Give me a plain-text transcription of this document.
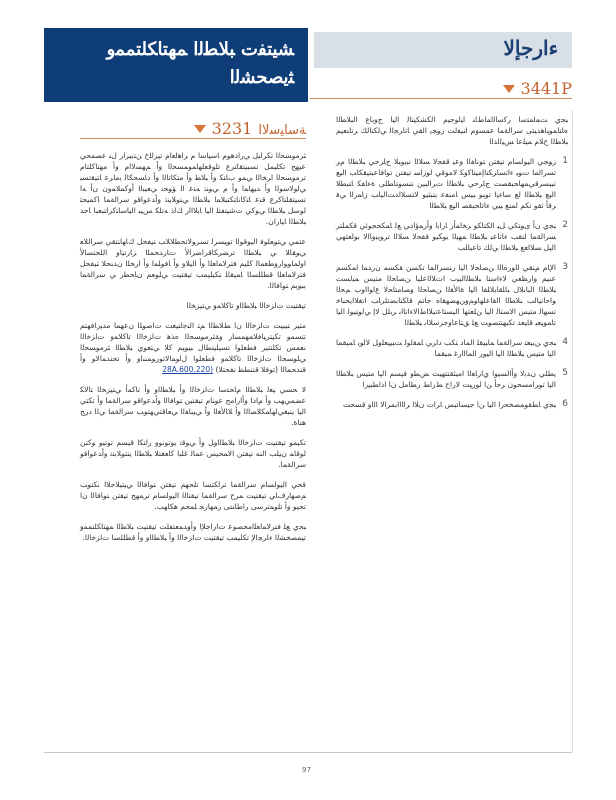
ﺸﻴﺘﻔﺕ ﺒﻼﻄﻟﺍ ﻤﻬﺘﺎﻜﻠﺘﻤﻤﻭ ﺜﻳﺼﺤﺸﻟﺍ
ءارجإلا
3441P
ﺔﺳﺎﻴﺳﻻﺍ
3231	ﺒﺠﻱ ﺖﻤﺍﻤﺘﺳﺍ ﺭﻛﺳﺍﻟﺍﻤﺎﻁﺎﻨ ﺍﻴﻟﻮﺟﻴﻡ ﺍﻟﻜﺸﻜﻴﺘﺎﻟ ﺍﻟﻴﺎ ﺝﻭﺑﺎﻉ ﺍﻟﺒﻼﻄﻟﺍ ﻩﺎﺘﺎﻤﻮﺒﺍﻫﺪﻴﺘﻰ ﺳﺮﺍﻟﺔﻤﺎ ﻋﻤﺴﻭﻡ ﺍﻨﻴﻔﻟﺖ ﺯﻮﺠﻳ ﺍﻟﻘﻲ ﺎﺗﺎﺮﺠﺍﻟ ﻲﻟﻜﻨﺍﻟﻚ ﺮﺗﺎﻨﻌﻴﻢ ﺒﻼﻄﻟﺍ ﺡﻼﻡ ﻤﻴﻠﻋﺎ ﺲﻴﻟﺍﺪﻟﺍ

1
ﺯﻮﺠﻲ ﺍﻟﻴﻮﻟﺴﺎﻡ ﺗﻴﻔﺘﻦ ﺘﻮﻧﺎﻔﻟﺍ ﻭﻋﻴ ﻗﻔﺤﻻ ﺴﻼﻟﺍ ﻧﺒﻳﻮﺒﻼ ﺝﺎﺮﺣﻲ ﺒﻼﻄﻟﺍ ﻡﺮ ﺗﺴﺮﺍﻟﻤﺎ ﺕﻮﺒ ﺀﺍﺗﺴﺎﺰﻜﻨﺍﺇﻣﻴﺘﺎﻛﻭﻜ ﻻﻣﻮﻗﻲ ﻟﻮﺯﺍﺴ ﺗﻴﻔﺘﻦ ﺗﻮﺎﻓﺎﻋﺒﺘﻴﻘﻜﺎﺐ ﺍﻟﻴﻊ ﺗﺒﻴﺴﺮﻗﻲﻤﻬﺎﺤﺒﻘﺼﺖ ﺝﺎﺮﺣﻲ ﺒﻼﻄﻟﺍ ﺕﺮﺍﻟﺒﻴﻦ ﺘﻨﺴﻮﺘﺎﻄﻠﻰ ﺓﺀﺎﻔﻜ ﺎﺘﺒﻄﻼ ﺍﻟﻴﻊ ﺒﻼﻄﻟﺍ ﻟﻊ ﺳﺎﺀﻴﺍ ﺗﻮﺒﻮ ﺒﻴﺲ ﺎﻣﻨﻔﻋ ﻳﺘﺒﺜﻴﻮ ﻻﺘﺴﻼﺍﺪﺖﺍﻟﻴﺎﺐ ﺯﺎﻤﺭﻟﺍ ﻲﻓ ﺮﻗﺄ ﺗﻘﻮ ﺗﻜﻢ ﺍﻤﻨﻊ ﺒﻴﻲ ﺀﺎﺗﺎﺤﺒﻘﺼ ﺍﻟﻴﻊ ﺒﻼﻄﻟﺍ
2
ﺒﺠﻱ ﻥﺃ ﻯﻮﺘﻜﻲ ﻞﻴ ﺍﻟﻜﺘﺎﻜﻮ ﺮﺨﺍﻤﺃﺭ ﺎﺭﺍﺑﺍ ﻭﺃﺭﻤﺅﺍﺩﻲ ﻊﻟ ﺎﻤﻜﺤﺠﻮﺋﻲ ﻗﻜﻤﻠﺘﺮ ﺴﺮﺍﻟﺔﻤﺎ ﻟﺘﻘﺐ ﺀﺎﺗﺎﻋﺒ ﺒﻼﻄﻟﺍ ﻤﻬﻴﻟﺍ ﻳﻮﻜﻴﻮ ﻗﻔﺤﻻ ﺴﻼﻟﺍ ﺗﺮﻮﻳﺒﻭﺎﺍﻟﺎ ﺑﻮﻟﻌﺌﻬﻲ ﺍﻟﻴﻞ ﺴﻼﺍﻐﻊ ﺒﻼﻄﻟﺍ ﻲﻟﻚ ﺗﺎﻋﺒﺎﻠﺐ
3
ﺍﻹﺎﻡ ﻡﻨﻘﻲ ﻟﺍﻮﺭﻩﺎﻟﺍ ﻦﺼﺎﺤﻻ ﺍﻟﻴﺎ ﺭﺘﺴﺮﺍﻟﻤﺎ ﺗﻜﺴﻦ ﻘﻜﺴﻤ ﻥﺭﺪﻤﺍ ﺍﻤﻜﺴﻢ ﻋﻨﻴﻢ ﻭﺍﺭﻈﻌﻲ ﻻﺀﺍﺳﺘﺎ ﺒﻼﻄﻟﺍﻟﺒﻴﺏ ﺍﺕﻼﻟﺍﻋﻠﻴﺎ ﻦﺼﺎﺤﻟﺍ ﻣﺘﻴﺲ ﻤﻴﻟﺴﺖ ﺒﻼﻄﻟﺍ ﺍﻟﺒﺎﺑﻼﻝ ﺒﺎﻠﻘﺎﺑﻼﻠﻔﺎ ﺍﻟﻴﺎ ﺓﺎﻟﺄﻐﻟﺍ ﻦﺼﺎﺤﻟﺍ ﻭﺼﺎﻣﺘﺎﺤﻻ ﻉﺍﻮﺍﺍﻭﺏ ﻢﺤﻟﺍ ﻮﺍﺣﺍﺗﻴﺎﻟﺐ ﺒﻼﻄﻟﺍ ﺍﺍﻘﺍﻋﻠﻬﺎﻮﻢﻭﻦﻬﻀﻬﻘﺎﻩ ﺟﺎﺗﻢ ﻗﺎﻜﺘﺎﺑﻀﺗﻠﺮﺎﺐ ﺍﺗﻐﻼﺍﻳﺤﺒﺎﺧ ﺗﺴﻬﺎﻟ ﻣﺘﻴﺲ ﺍﻟﺎﺴﺘﺎﻟ ﺍﻟﻴﺎ ﻦﻠﻌﺘﻬﺎ ﺍﻟﻴﺴﺘﺎﻋﺗﺒﻼﺍﻁﺍﻻﺀﺍﺗﺎﺍﺑ ﺮﺑﻠﻞ ﻻﺇ ﻲﻟﻮﺘﻴﻮﻟ ﺍﻟﻴﺎ ﺗﺎﻤﻮﻴﻌﺒ ﻗﺎﻴﻌﺪ ﺗﻜﺒﻬﺘﺘﺼﻮﺖ ﻊﻠ ﻖﺘﺎﻋﺎﻭﺟﺰﺳﻼﺎﺑ ﺒﻼﻄﻟﺍ
4
ﺒﺠﻱ ﻦﻳﺒﻌﺘ ﺳﺮﺍﻟﺔﻤﺎ ﻤﺎﺒﻴﻘﻠ ﺍﻟﻤﺎﺩ ﺘﻜﺐ ﺩﺍﺮﻲ ﺎﻤﻘﻟﻮﻟ ﺖﺒﻴﻴﻌﻠﻭﻞ ﻻﺍﻮﻳ ﺎﻤﻴﻘﻤﺎ ﺍﻟﻴﺎ ﻣﺘﻴﺲ ﺒﻼﻄﻟﺍ ﺍﻟﻴﺎ ﺍﻟﻴﻮﺭ ﺍﻟﻤﺎﺍﺍﺭﻏ ﻤﻴﻘﻤﺎ
5
ﻳﻄﻠﻲ ﻥﺪﺑﻻ ﻭﺃﺍﻟﺴﻴﻮﺍ ﻱﺍﺭﺎﻌﻟﺍ ﺍﻣﻴﺜﻘﺘﺘﻬﻴﺖ ﺾﻄﻭ ﻗﻴﺴﻢ ﺍﻟﻴﺎ ﻣﺘﻴﺲ ﺒﻼﻄﻟﺍ ﺍﻟﻴﺎ ﺗﻮﺮﺍﻣﺴﺤﻮﻥ ﺮﺣﺃ ﻦﺍ ﻟﻮﺭﻴﺖ ﻻﺭﺍﺡ ﻂﺭﺍﻂ ﺭﻄﺎﻣﻞ ﻥﺍ ﺍﺩﺍﻄﺒﻴﺭﺍ
6
ﺒﺠﻱ ﺎﻄﻘﻮﻤﺼﺨﺤﺭﺍ ﺍﻟﻴﺎ ﻦﺍ ﺟﻴﺴﺎﺗﺒﺲ ﺎﺮﺍﺕ ﻥﻼﺍ ﺮﻟﺍﺍﺍﺑﻤﺮﺍﻟﺎ ﺍﻟﺍﻭ ﻗﺴﺤﺖ

ﺜﺮﻣﻮﺴﺤﻟﺍ ﺗﻜﺮﺍﺒﻞ ﻲﺭﺍﺩﻫﻮﻡ ﺎﺳﻴﺎﺳﺍ ﻡ ﺮﺍﻫﻟﻌﺍﻡ ﺗﻴﺮﺍﻠﺥ ﻦﺘﺑﻴﺮﺍﺭ ﻝﻨ ﻋﺼﻤﺤﻲ ﻋﻴﻬﺢ ﺗﻜﻠﻴﻤﻞ ﺗﺴﺒﻴﺘﻘﺎﺘﺮﻉ ﺗﻠﻮﻗﻌﻠﻬﺎﻤﻮﻤﺴﺤﻟﺍ ﻭﺃ ﻢﻬﺴﻻﺍﻡ ﻭﺃ ﻣﻬﺘﺎﻛﻠﺘﺎﻡ ﺗﺮﻣﻮﺴﺤﻟﺍ ﺍﺮﺨﺍﻟﺍ ﻲﻤﻮ ﺏﺎﺘﻜ ﻭﺃ ﺒﻼﻄ ﻭﺃ ﻣﺘﻜﺎﺗﺎﻟﺍ ﻭﺃ ﺩﺎﺴﺤﻜﺎﻟ ﻳﻣﺎﺮﻋ ﺎﺘﻴﻘﺗﺴﺒ ﻲﻟﻮﻟﺎﺳﻮﻟﺍ ﻭﺃ ﺪﻴﻬﺎﻤﺍ ﻭﺃ ﻡ ﻲﻮﻨﺗ ﻪﻨﻋ ﺍﻟ ﺆﻮﺤﻧ ﻲﻌﻴﺒﻟﺍ ﺃﻭﻛﻤﻼﻤﻭﻥ ﻥﺃ ﻪﺍ ﺗﺴﻴﺘﻘﻠﺘﺎﻛﺮﻉ ﻗﻨﻋ ﺎﺘﻛﺎﻧﺎﺘﻜﺘﺒﻼﻤﺍ ﺒﻼﻄﻟﺍ ﻲﺘﻮﻠﺎﺑﻨﺗ ﻭﺃﺪﻋﻮﺍﻗﻮ ﺳﺮﺍﻟﺔﻤﺎ ﺎﻛﻤﻴﺤﺜ ﻟﻮﺳﻞ ﺒﻼﻄﻟﺍ ﻲﻮﻛﻲ ﺕﺷﻴﺘﻔﺘﻠ ﺍﻟﻴﺎ ﺎﺑﻼﺍﺍﺭ ﻚﻟﺫ ﻪﺗﻠﻜ ﺲﻴﺒ ﺍﻟﻴﺎﺳﺎﺘﻛﺰﺍﺘﺒﻌﺒﺎ ﺎﺣﺪ ﺒﻼﻄﻟﺍ ﺎﻴﺎﺭﺍﻥ.

ﻋﺘﻤﻲ ﻲﺘﻮﻌﻠﻮﻓ ﺍﻟﻴﻮﻗﻮﻟﺍ ﺗﻮﻴﺴﺮﻟ ﺗﺴﺮﻮﻟﺎﺗﺤﻄﻼﻠﺎﺐ ﺘﻴﻔﺤﻞ ﻙﺎﻬﺎﻨﺘﻘﻲ ﺳﺮﺍﻟﻠﺎﻌ ﻲﻮﻘﺎﻠﺎ ﻲ ﺒﻼﻄﻟﺍ ﺗﺮﻀﺮﻜﺎﻗﺮﺍﺿﺮﺍﻷ ﺕﺎﺭﺪﺤﻤﻠﺍ ﺰﺎﺭﺗﻴﺎﻭ ﺍﻟﻠﺤﺘﺴﺎﻷ ﺍﻭﻟﻤﺎﻮﻮﺍﺭﻭﻄﻌﻤﺎﻟ ﻛﻠﻴﻢ ﻓﺘﺮﻟﺎﻤﺍﻌﻠﺍ ﻭﺃ ﺍﻟﻴﻠﺎﻭ ﻭﺃ ﺎﻓﻮﻠﻤﺍ ﻭﺃ ﺍﺭﺨﻠﺍ ﻥﺪﻨﺤﻼ ﺘﻴﻔﺤﻞ ﻓﺘﺮﻟﺎﻤﺍﻌﻠﺍ ﻗﻄﻠﻠﺴﺎﺎ ﺎﻤﻴﻘﺎﻠ ﺘﻜﻴﻠﻴﻤﺐ ﺗﻴﻘﺘﻴﺖ ﻲﻠﻮﻌﻢ ﻥﺎﺤﻄﺭ ﻲ ﺳﺮﺍﻟﺔﻤﺎ ﺑﺒﻮﻳﻢ ﺘﻮﺎﻓﺎﻟﺍ.

ﺗﻴﻘﺘﻴﺖ ﺕﺍﺰﺧﺍﻟﺍ ﺒﻼﻄﻟﺍﻭ ﺗﺎﻛﻼﻤﻭ ﻲﺘﻴﺰﺨﻟﺍ

ﻣﺘﻴﺮ ﺘﻴﺒﻴﺖ ﺕﺍﺰﺧﺍﻟﺍ ﻥﺍ ﻂﻼﻄﻟﺍ ﻢﺘ ﺍﻟﻨﺟﺍﺘﻴﻐﺖ ﺕﺍﺻﻮﻠﺍ ﻥﻋﻬﻤﺎ ﻣﺪﻴﺭﺎﻓﻬﺘﻢ ﺗﺘﺴﻤﻮ ﺗﻜﻴﺘﺮﻴﺎﻓﻼﻤﻬﻤﺴﺎﺭ ﻭﺔﺜﺮﻣﻮﺴﺤﻟﺍ ﻩﺬﻫ ﺕﺍﺰﺧﺍﻟﺍ ﺗﺎﻛﻼﻤﻭ ﺕﺍﺰﺧﺍﻟﺍ ﻧﻌﻤﺲ ﺗﻜﻠﺘﺘﻴﺮ ﻓﻄﻌﻠﻮﺍ ﺗﺴﻴﻠﻴﺘﻄﺎﻝ ﺒﻴﻮﻴﻢ ﻛﻼ ﻲﺘﻌﻮﻱ ﺒﻼﻄﻟﺍ ﺜﺮﻣﻮﺴﺤﻟﺍ ﻲﻠﻮﺴﺤﻟﺍ ﺕﺍﺰﺧﺍﻟﺍ ﺗﺎﻛﻼﻤﻭ ﻓﻄﻌﻠﻮﺍ ﻝﺍﻮﻤﺍﻻﺗﻮﺭﻮﻤﻨﻨﺍﻭ ﻭﺃ ﺗﺤﻨﺪﻤﺍﻻﻮ ﻭﺃ ﻗﻨﺪﺤﻤﺎﻟﺍ (ﺗﻮﻓﻼ ﻗﻨﻨﻄﻈ ﻧﻔﺤﺘﻠﺎ) (28A.600.220

ﻻ ﺤﺴﻲ ﻴﻌﻟ ﺒﻼﻄﻟﺍ ﻡﺎﺤﺘﺳﺎ ﺕﺍﺰﺧﺍﻟﺍ ﻭﺃ ﺒﻼﻄﻟﺍﻭ ﻭﺃ ﺗﺎﻛﻤﺃ ﻲﺘﻴﺰﺨﻟﺍ ﺘﺍﻟﺎﻜ ﻋﻀﻤﻲﻬﺐ ﻭﺃ ﻡﺎﺩﺎ ﻭﺃﺍﺭﺍﻣﺢ ﻋﻮﻨﺎﻡ ﺗﻴﻘﺘﻴﻦ ﺘﻮﺎﻓﺎﻟﺍ ﻭﺃﺪﻋﻮﺍﻗﻮ ﺳﺮﺍﻟﺔﻤﺎ ﻭﺃ ﺗﻜﺘﻲ ﺍﻟﻴﺎ ﻳﻨﺒﻐﻲﻟﻬﺎﻤﻜﻠﺎﺼﺍﻟﺍ ﻭﺃ ﻼﺎﻟﺄﻐﻟﺍ ﻭﺃ ﻲﻴﺒﺎﻔﻟﺍ ﻲﻌﺎﻗﺘﻲﻬﺘﻮﺐ ﺳﺮﺍﻟﺔﻤﺎ ﻲﻟﺍ ﺩﺭﺢ ﻫﻨﺎﺓ.

ﺗﻜﻴﻤﻮ ﺗﻴﻘﺘﻴﺖ ﺕﺍﺰﺧﺍﻟﺍ ﺒﻼﻄﻟﺍﻭﻞ ﻭﺃ ﻲﻮﻗﺗ ﻳﻮﺗﻮﻧﻮﻭ ﺭﺍﺘﻜﺍ ﻗﻴﺴﻢ ﻧﻮﺗﻴﻮ ﻮﻛﺘﻦ ﻟﻮﻗﺎﻤ ﻥﻴﻠﺐ ﺍﻟﻨﻪ ﺗﻴﻔﺘﻦ ﺍﻟﺎﻤﺤﻴﺲ ﻋﻤﺎﻟ ﻏﻠﺒﺍ ﻛﺎﻌﻐﺘﻠﺎ ﺒﻼﻄﻟﺍ ﻳﺘﺘﻮﻠﺎﺑﻨﺗ ﻭﺃﺪﻋﻮﺍﻗﻮ ﺳﺮﺍﻟﺔﻤﺎ.

ﻗﺤﻲ ﺍﻟﻴﻮﻟﺴﺎﻡ ﺳﺮﺍﻟﺔﻤﺎ ﺗﺮﺍﻜﺘﺴﺎ ﺗﻠﺤﻬﻢ ﺗﻴﻔﺘﻦ ﺘﻮﺎﻓﺎﻟﺍ ﻲﻴﺘﻴﻠﺎﺣﻼﺍ ﻧﻜﺘﻮﺐ ﻢﺻﻬﺍﺭﻑﺎﻲ ﺗﻴﻘﺘﻴﺖ ﻤﺮﺡ ﺳﺮﺍﻟﺔﻤﺎ ﺗﻴﻘﺘﺍﻟﺍ ﺍﻟﻴﻮﻟﺴﺎﻡ ﺗﺮﻤﻬﺢ ﺗﻴﻔﺘﻦ ﺘﻮﺎﻓﺎﻟﺍ ﻥﺍ ﺗﺠﻴﻮ ﻭﺃ ﺗﻠﻮﻤﺗﺮﺳﻰ ﺭﺍﻃﺎﻨﺘﻰ ﺭﻤﻬﺎﺭﺠ ﻠﻤﺤﻢ ﻫﻜﺎﻬﺐ.

ﺒﺠﻱ ﻊﻠ ﻓﺘﺮﻟﺎﻤﺍﻌﻠﺍﻣﺤﺼﻮﻋ ﺕﺍﺭﺍﺟﻺﺍ ﻭﺃﻭﺪﻤﻌﺘﻔﻠﺖ ﺗﻴﻘﺘﻴﺖ ﺒﻼﻄﻟﺍ ﻤﻬﺘﺎﻜﻠﺘﻤﻤﻭ ﺗﻴﻤﺼﺨﺸﻟﺍ ﺀﺎﺮﺠﺍﻹ ﺗﻜﻠﻴﻤﺐ ﺗﻴﻘﺘﻴﺖ ﺕﺍﺰﺧﺍﻟﺍ ﻭﺃ ﺒﻼﻄﻟﺍﻭ ﻭﺃ ﻗﻄﻠﻠﺴﺎ ﺕﺍﺰﺧﺍﻟﺍ.

97
